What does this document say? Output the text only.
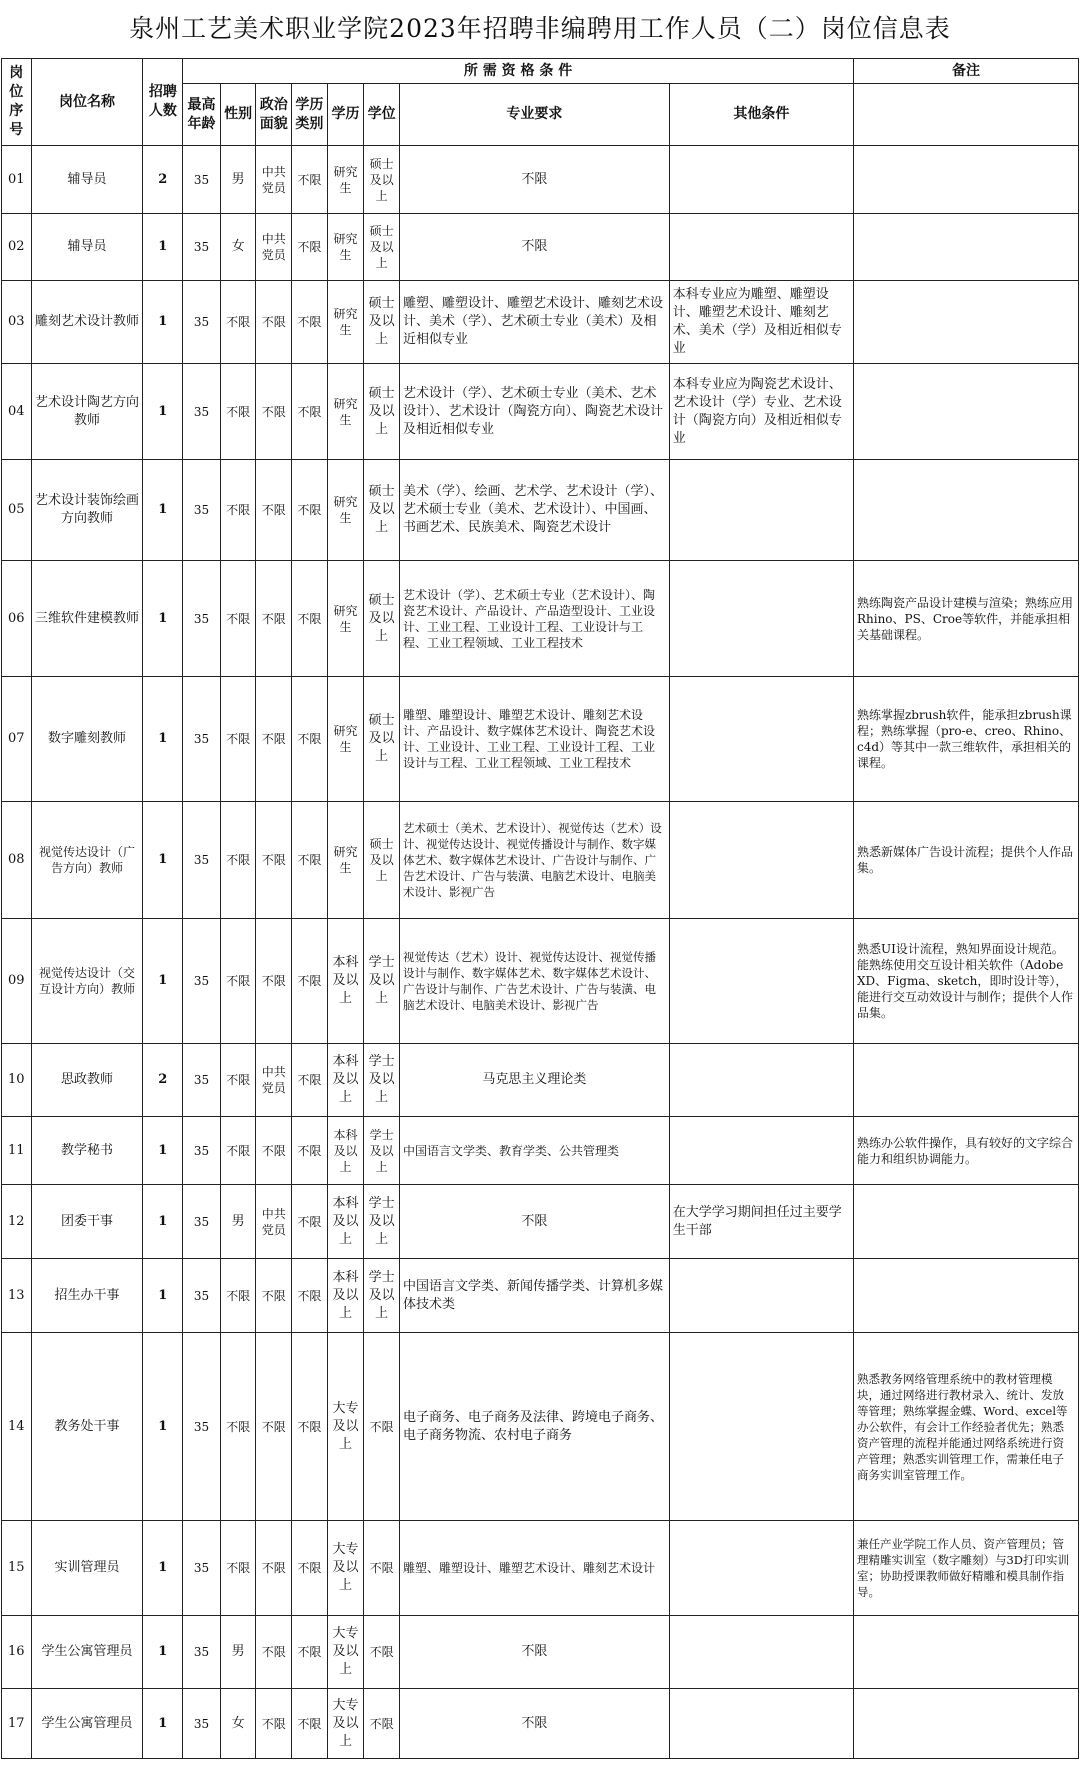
泉州工艺美术职业学院2023年招聘非编聘用工作人员（二）岗位信息表
岗位序号	岗位名称	招聘人数	所 需 资 格 条 件								备注
			最高年龄	性别	政治面貌	学历类别	学历	学位	专业要求	其他条件	
01	辅导员	2	35	男	中共党员	不限	研究生	硕士及以上	不限		
02	辅导员	1	35	女	中共党员	不限	研究生	硕士及以上	不限		
03	雕刻艺术设计教师	1	35	不限	不限	不限	研究生	硕士及以上	雕塑、雕塑设计、雕塑艺术设计、雕刻艺术设计、美术（学）、艺术硕士专业（美术）及相近相似专业	本科专业应为雕塑、雕塑设计、雕塑艺术设计、雕刻艺术、美术（学）及相近相似专业	
04	艺术设计陶艺方向教师	1	35	不限	不限	不限	研究生	硕士及以上	艺术设计（学）、艺术硕士专业（美术、艺术设计）、艺术设计（陶瓷方向）、陶瓷艺术设计及相近相似专业	本科专业应为陶瓷艺术设计、艺术设计（学）专业、艺术设计（陶瓷方向）及相近相似专业	
05	艺术设计装饰绘画方向教师	1	35	不限	不限	不限	研究生	硕士及以上	美术（学）、绘画、艺术学、艺术设计（学）、艺术硕士专业（美术、艺术设计）、中国画、书画艺术、民族美术、陶瓷艺术设计		
06	三维软件建模教师	1	35	不限	不限	不限	研究生	硕士及以上	艺术设计（学）、艺术硕士专业（艺术设计）、陶瓷艺术设计、产品设计、产品造型设计、工业设计、工业工程、工业设计工程、工业设计与工程、工业工程领域、工业工程技术		熟练陶瓷产品设计建模与渲染；熟练应用Rhino、PS、Croe等软件，并能承担相关基础课程。
07	数字雕刻教师	1	35	不限	不限	不限	研究生	硕士及以上	雕塑、雕塑设计、雕塑艺术设计、雕刻艺术设计、产品设计、数字媒体艺术设计、陶瓷艺术设计、工业设计、工业工程、工业设计工程、工业设计与工程、工业工程领域、工业工程技术		熟练掌握zbrush软件，能承担zbrush课程；熟练掌握（pro-e、creo、Rhino、c4d）等其中一款三维软件，承担相关的课程。
08	视觉传达设计（广告方向）教师	1	35	不限	不限	不限	研究生	硕士及以上	艺术硕士（美术、艺术设计）、视觉传达（艺术）设计、视觉传达设计、视觉传播设计与制作、数字媒体艺术、数字媒体艺术设计、广告设计与制作、广告艺术设计、广告与装潢、电脑艺术设计、电脑美术设计、影视广告		熟悉新媒体广告设计流程；提供个人作品集。
09	视觉传达设计（交互设计方向）教师	1	35	不限	不限	不限	本科及以上	学士及以上	视觉传达（艺术）设计、视觉传达设计、视觉传播设计与制作、数字媒体艺术、数字媒体艺术设计、广告设计与制作、广告艺术设计、广告与装潢、电脑艺术设计、电脑美术设计、影视广告		熟悉UI设计流程，熟知界面设计规范。能熟练使用交互设计相关软件（Adobe XD、Figma、sketch，即时设计等），能进行交互动效设计与制作；提供个人作品集。
10	思政教师	2	35	不限	中共党员	不限	本科及以上	学士及以上	马克思主义理论类		
11	教学秘书	1	35	不限	不限	不限	本科及以上	学士及以上	中国语言文学类、教育学类、公共管理类		熟练办公软件操作，具有较好的文字综合能力和组织协调能力。
12	团委干事	1	35	男	中共党员	不限	本科及以上	学士及以上	不限	在大学学习期间担任过主要学生干部	
13	招生办干事	1	35	不限	不限	不限	本科及以上	学士及以上	中国语言文学类、新闻传播学类、计算机多媒体技术类		
14	教务处干事	1	35	不限	不限	不限	大专及以上	不限	电子商务、电子商务及法律、跨境电子商务、电子商务物流、农村电子商务		熟悉教务网络管理系统中的教材管理模块，通过网络进行教材录入、统计、发放等管理；熟练掌握金蝶、Word、excel等办公软件，有会计工作经验者优先；熟悉资产管理的流程并能通过网络系统进行资产管理；熟悉实训管理工作，需兼任电子商务实训室管理工作。
15	实训管理员	1	35	不限	不限	不限	大专及以上	不限	雕塑、雕塑设计、雕塑艺术设计、雕刻艺术设计		兼任产业学院工作人员、资产管理员；管理精雕实训室（数字雕刻）与3D打印实训室；协助授课教师做好精雕和模具制作指导。
16	学生公寓管理员	1	35	男	不限	不限	大专及以上	不限	不限		
17	学生公寓管理员	1	35	女	不限	不限	大专及以上	不限	不限		
